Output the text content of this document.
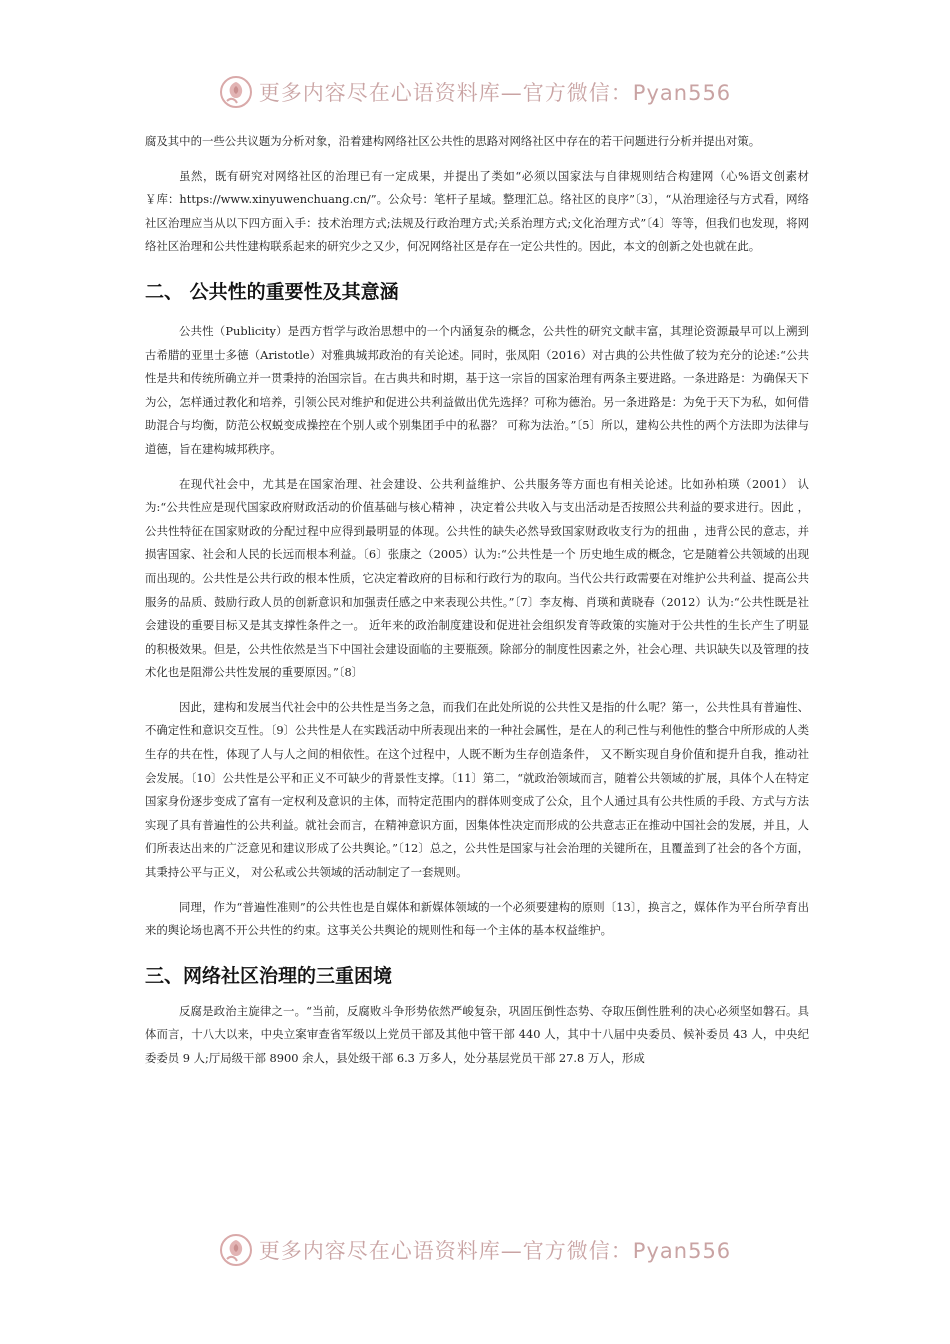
更多内容尽在心语资料库—官方微信：Pyan556

腐及其中的一些公共议题为分析对象，沿着建构网络社区公共性的思路对网络社区中存在的若干问题进行分析并提出对策。

虽然，既有研究对网络社区的治理已有一定成果，并提出了类如“必须以国家法与自律规则结合构建网（心%语文创素材￥库：https://www.xinyuwenchuang.cn/”。公众号：笔杆子星域。整理汇总。络社区的良序”〔3〕，“从治理途径与方式看，网络社区治理应当从以下四方面入手：技术治理方式;法规及行政治理方式;关系治理方式;文化治理方式”〔4〕等等，但我们也发现，将网络社区治理和公共性建构联系起来的研究少之又少，何况网络社区是存在一定公共性的。因此，本文的创新之处也就在此。

二、 公共性的重要性及其意涵

公共性（Publicity）是西方哲学与政治思想中的一个内涵复杂的概念，公共性的研究文献丰富，其理论资源最早可以上溯到古希腊的亚里士多德（Aristotle）对雅典城邦政治的有关论述。同时，张凤阳（2016）对古典的公共性做了较为充分的论述:“公共性是共和传统所确立并一贯秉持的治国宗旨。在古典共和时期，基于这一宗旨的国家治理有两条主要进路。一条进路是：为确保天下为公，怎样通过教化和培养，引领公民对维护和促进公共利益做出优先选择？可称为德治。另一条进路是：为免于天下为私，如何借助混合与均衡，防范公权蜕变成操控在个别人或个别集团手中的私器？ 可称为法治。”〔5〕所以，建构公共性的两个方法即为法律与道德，旨在建构城邦秩序。

在现代社会中，尤其是在国家治理、社会建设、公共利益维护、公共服务等方面也有相关论述。比如孙柏瑛（2001） 认为:“公共性应是现代国家政府财政活动的价值基础与核心精神 ，决定着公共收入与支出活动是否按照公共利益的要求进行。因此 ，公共性特征在国家财政的分配过程中应得到最明显的体现。公共性的缺失必然导致国家财政收支行为的扭曲 ，违背公民的意志，并损害国家、社会和人民的长远而根本利益。〔6〕张康之（2005）认为:“公共性是一个 历史地生成的概念，它是随着公共领域的出现而出现的。公共性是公共行政的根本性质，它决定着政府的目标和行政行为的取向。当代公共行政需要在对维护公共利益、提高公共服务的品质、鼓励行政人员的创新意识和加强责任感之中来表现公共性。”〔7〕李友梅、肖瑛和黄晓春（2012）认为:“公共性既是社会建设的重要目标又是其支撑性条件之一。 近年来的政治制度建设和促进社会组织发育等政策的实施对于公共性的生长产生了明显的积极效果。但是，公共性依然是当下中国社会建设面临的主要瓶颈。除部分的制度性因素之外，社会心理、共识缺失以及管理的技术化也是阻滞公共性发展的重要原因。”〔8〕

因此，建构和发展当代社会中的公共性是当务之急，而我们在此处所说的公共性又是指的什么呢？第一，公共性具有普遍性、不确定性和意识交互性。〔9〕公共性是人在实践活动中所表现出来的一种社会属性，是在人的利己性与利他性的整合中所形成的人类生存的共在性，体现了人与人之间的相依性。在这个过程中，人既不断为生存创造条件， 又不断实现自身价值和提升自我，推动社会发展。〔10〕公共性是公平和正义不可缺少的背景性支撑。〔11〕第二，“就政治领域而言，随着公共领域的扩展，具体个人在特定国家身份逐步变成了富有一定权利及意识的主体，而特定范围内的群体则变成了公众，且个人通过具有公共性质的手段、方式与方法实现了具有普遍性的公共利益。就社会而言，在精神意识方面，因集体性决定而形成的公共意志正在推动中国社会的发展，并且，人们所表达出来的广泛意见和建议形成了公共舆论。”〔12〕总之，公共性是国家与社会治理的关键所在，且覆盖到了社会的各个方面，其秉持公平与正义， 对公私或公共领域的活动制定了一套规则。

同理，作为“普遍性准则”的公共性也是自媒体和新媒体领域的一个必须要建构的原则〔13〕，换言之，媒体作为平台所孕育出来的舆论场也离不开公共性的约束。这事关公共舆论的规则性和每一个主体的基本权益维护。

三、网络社区治理的三重困境

反腐是政治主旋律之一。“当前，反腐败斗争形势依然严峻复杂，巩固压倒性态势、夺取压倒性胜利的决心必须坚如磐石。具体而言，十八大以来，中央立案审查省军级以上党员干部及其他中管干部 440 人，其中十八届中央委员、候补委员 43 人，中央纪委委员 9 人;厅局级干部 8900 余人，县处级干部 6.3 万多人，处分基层党员干部 27.8 万人，形成

更多内容尽在心语资料库—官方微信：Pyan556
